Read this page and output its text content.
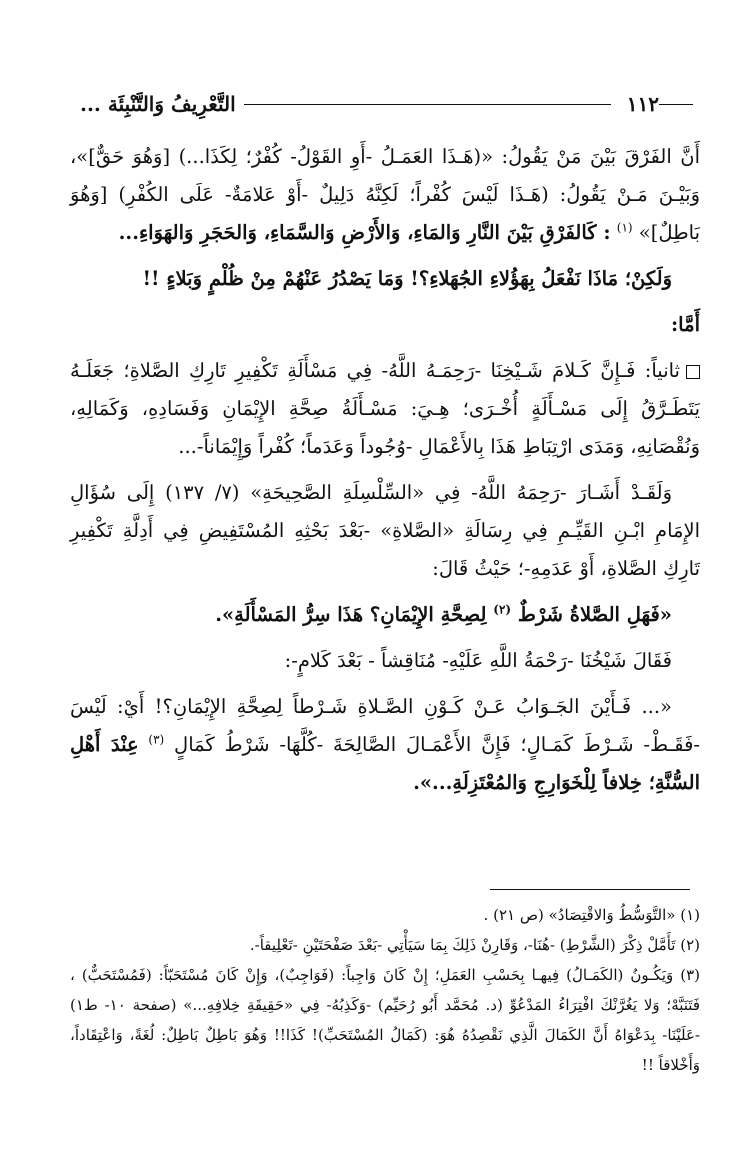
١١٢
التَّعْرِيفُ وَالتَّنْبِئَة ...

أَنَّ الفَرْقَ بَيْنَ مَنْ يَقُولُ: «(هَـذَا العَمَـلُ -أَوِ القَوْلُ- كُفْرٌ؛ لِكَذَا...) [وَهُوَ حَقٌّ]»، وَبَيْـنَ مَـنْ يَقُولُ: (هَـذَا لَيْسَ كُفْراً؛ لَكِنَّهُ دَلِيلٌ -أَوْ عَلامَةٌ- عَلَى الكُفْرِ) [وَهُوَ بَاطِلٌ]» $^{(١)}$ : كَالفَرْقِ بَيْنَ النَّارِ وَالمَاءِ، وَالأَرْضِ وَالسَّمَاءِ، وَالحَجَرِ وَالهَوَاءِ...

وَلَكِنْ؛ مَاذَا نَفْعَلُ بِهَؤُلاءِ الجُهَلاءِ؟! وَمَا يَصْدُرُ عَنْهُمْ مِنْ ظُلْمٍ وَبَلاءٍ !!

أَمَّا:

ثانياً: فَـإِنَّ كَـلامَ شَـيْخِنَا -رَحِمَـهُ اللَّهُ- فِي مَسْأَلَةِ تَكْفِيرِ تَارِكِ الصَّلاةِ؛ جَعَلَـهُ يَتَطَـرَّقُ إِلَى مَسْـأَلَةٍ أُخْـرَى؛ هِـيَ: مَسْـأَلَةُ صِحَّةِ الإِيْمَانِ وَفَسَادِهِ، وَكَمَالِهِ، وَنُقْصَانِهِ، وَمَدَى ارْتِبَاطِ هَذَا بِالأَعْمَالِ -وُجُوداً وَعَدَماً؛ كُفْراً وَإِيْمَاناً-...

وَلَقَـدْ أَشَـارَ -رَحِمَهُ اللَّهُ- فِي «السِّلْسِلَةِ الصَّحِيحَةِ» (٧/ ١٣٧) إِلَى سُؤَالِ الإِمَامِ ابْـنِ القَيِّـمِ فِي رِسَالَةِ «الصَّلاةِ» -بَعْدَ بَحْثِهِ المُسْتَفِيضِ فِي أَدِلَّةِ تَكْفِيرِ تَارِكِ الصَّلاةِ، أَوْ عَدَمِهِ-؛ حَيْثُ قَالَ:

«فَهَلِ الصَّلاةُ شَرْطٌ $^{(٢)}$ لِصِحَّةِ الإِيْمَانِ؟ هَذَا سِرُّ المَسْأَلَةِ».

فَقَالَ شَيْخُنَا -رَحْمَةُ اللَّهِ عَلَيْهِ- مُنَاقِشاً - بَعْدَ كَلامٍ-:

«... فَـأَيْنَ الجَـوَابُ عَـنْ كَـوْنِ الصَّـلاةِ شَـرْطاً لِصِحَّةِ الإِيْمَانِ؟! أَيْ: لَيْسَ -فَقَـطْ- شَـرْطَ كَمَـالٍ؛ فَإِنَّ الأَعْمَـالَ الصَّالِحَةَ -كُلَّهَا- شَرْطُ كَمَالٍ $^{(٣)}$ عِنْدَ أَهْلِ السُّنَّةِ؛ خِلافاً لِلْخَوَارِجِ وَالمُعْتَزِلَةِ...».

(١) «التَّوَسُّطُ وَالاقْتِصَادُ» (ص ٢١) .

(٢) تَأَمَّلْ ذِكْرَ (الشَّرْطِ) -هُنَا-، وَقَارِنْ ذَلِكَ بِمَا سَيَأْتِي -بَعْدَ صَفْحَتَيْنِ -تَعْلِيقاً-.

(٣) وَيَكُـونُ (الكَمَـالُ) فِيهـا بِحَسْبِ العَمَلِ؛ إِنْ كَانَ وَاجِباً: (فَوَاجِبٌ)، وَإِنْ كَانَ مُسْتَحَبّاً: (فَمُسْتَحَبٌّ) ، فَتَنَبَّهْ؛ وَلا يَغُرَّنْكَ افْتِرَاءُ المَدْعُوِّ (د. مُحَمَّد أَبُو رُحَيِّم) -وَكَذِبُهُ- فِي «حَقِيقَةِ خِلافِهِ...» (صفحة ١٠- ط١) -عَلَيْنَا- بِدَعْوَاهُ أَنَّ الكَمَالَ الَّذِي نَقْصِدُهُ هُوَ: (كَمَالُ المُسْتَحَبِّ)! كَذَا!! وَهُوَ بَاطِلٌ بَاطِلٌ: لُغَةً، وَاعْتِقَاداً، وَأَخْلاقاً !!
